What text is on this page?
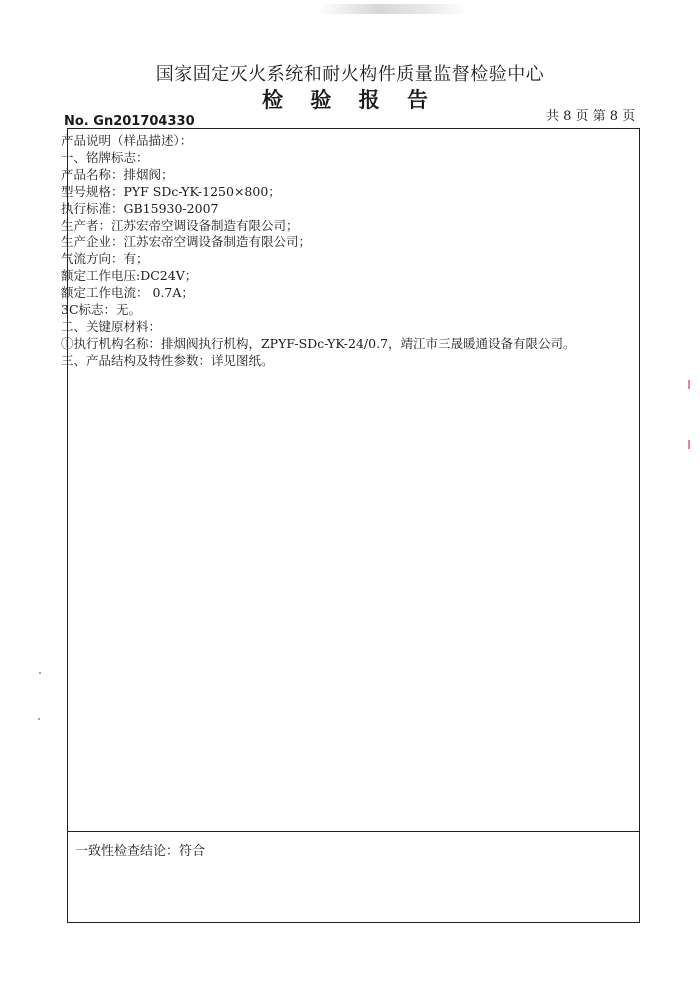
国家固定灭火系统和耐火构件质量监督检验中心
检 验 报 告
No. Gn201704330	共 8 页 第 8 页
产品说明（样品描述）：
一、铭牌标志：
产品名称：排烟阀；
型号规格：PYF SDc-YK-1250×800；
执行标准：GB15930-2007
生产者：江苏宏帝空调设备制造有限公司；
生产企业：江苏宏帝空调设备制造有限公司；
气流方向：有；
额定工作电压:DC24V；
额定工作电流： 0.7A；
3C标志：无。
二、关键原材料：
①执行机构名称：排烟阀执行机构，ZPYF-SDc-YK-24/0.7，靖江市三晟暖通设备有限公司。
三、产品结构及特性参数：详见图纸。
一致性检查结论：符合
